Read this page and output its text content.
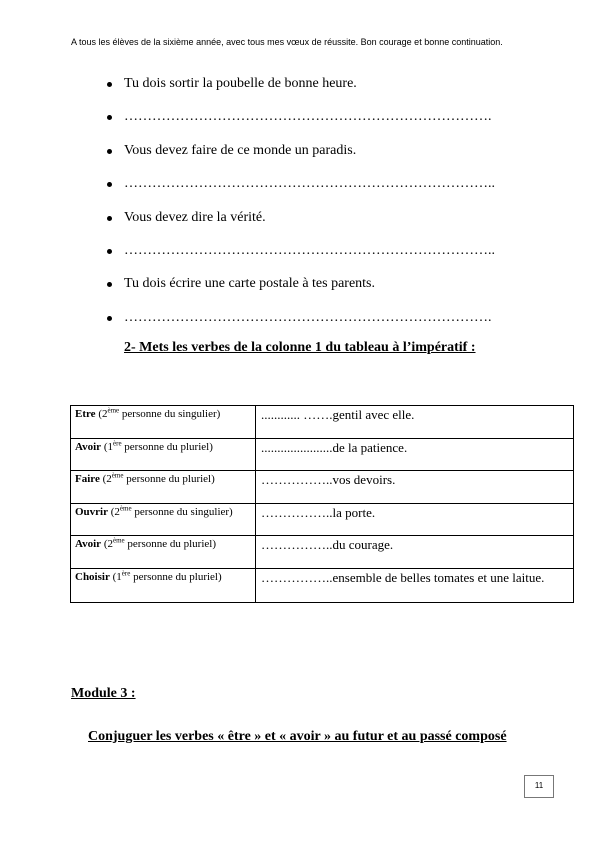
A tous les élèves de la sixième année, avec tous mes vœux de réussite. Bon courage et bonne continuation.
Tu dois sortir la poubelle de bonne heure.
…………………………………………………………………….
Vous devez faire de ce monde un paradis.
……………………………………………………………………..
Vous devez dire la vérité.
……………………………………………………………………..
Tu dois écrire une carte postale à tes parents.
…………………………………………………………………….
2- Mets les verbes de la colonne 1 du tableau à l’impératif :
Etre (2ème personne du singulier)	............ …….gentil avec elle.
Avoir (1ère personne du pluriel)	......................de la patience.
Faire (2ème personne du pluriel)	……………..vos devoirs.
Ouvrir (2ème personne du singulier)	……………..la porte.
Avoir (2ème personne du pluriel)	……………..du courage.
Choisir (1ère personne du pluriel)	……………..ensemble de belles tomates et une laitue.
Module 3 :
Conjuguer les verbes « être » et « avoir » au futur et au passé composé
11
